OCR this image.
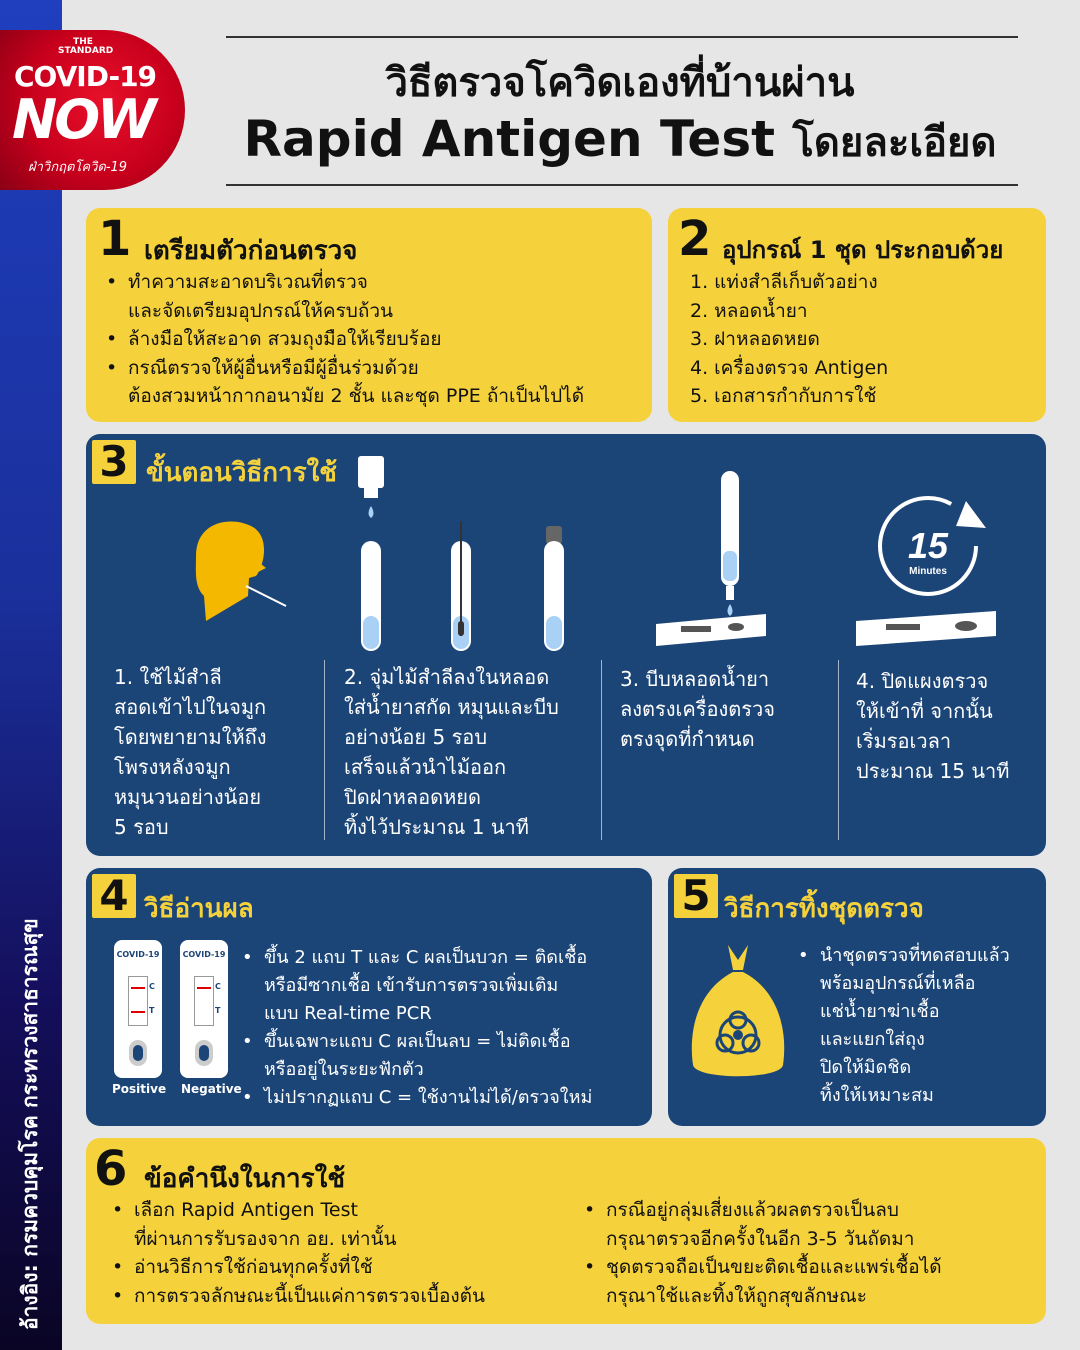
อ้างอิง: กรมควบคุมโรค กระทรวงสาธารณสุข
THE STANDARD
COVID-19
NOW
ฝ่าวิกฤตโควิด-19
วิธีตรวจโควิดเองที่บ้านผ่าน
Rapid Antigen Test โดยละเอียด
1 เตรียมตัวก่อนตรวจ
• ทำความสะอาดบริเวณที่ตรวจ
และจัดเตรียมอุปกรณ์ให้ครบถ้วน
• ล้างมือให้สะอาด สวมถุงมือให้เรียบร้อย
• กรณีตรวจให้ผู้อื่นหรือมีผู้อื่นร่วมด้วย
ต้องสวมหน้ากากอนามัย 2 ชั้น และชุด PPE ถ้าเป็นไปได้
2 อุปกรณ์ 1 ชุด ประกอบด้วย
1. แท่งสำลีเก็บตัวอย่าง
2. หลอดน้ำยา
3. ฝาหลอดหยด
4. เครื่องตรวจ Antigen
5. เอกสารกำกับการใช้
3 ขั้นตอนวิธีการใช้
15
Minutes
1. ใช้ไม้สำลี
สอดเข้าไปในจมูก
โดยพยายามให้ถึง
โพรงหลังจมูก
หมุนวนอย่างน้อย
5 รอบ
2. จุ่มไม้สำลีลงในหลอด
ใส่น้ำยาสกัด หมุนและบีบ
อย่างน้อย 5 รอบ
เสร็จแล้วนำไม้ออก
ปิดฝาหลอดหยด
ทิ้งไว้ประมาณ 1 นาที
3. บีบหลอดน้ำยา
ลงตรงเครื่องตรวจ
ตรงจุดที่กำหนด
4. ปิดแผงตรวจ
ให้เข้าที่ จากนั้น
เริ่มรอเวลา
ประมาณ 15 นาที
4 วิธีอ่านผล
COVID-19
C
T
Positive
COVID-19
C
T
Negative
• ขึ้น 2 แถบ T และ C ผลเป็นบวก = ติดเชื้อ
หรือมีซากเชื้อ เข้ารับการตรวจเพิ่มเติม
แบบ Real-time PCR
• ขึ้นเฉพาะแถบ C ผลเป็นลบ = ไม่ติดเชื้อ
หรืออยู่ในระยะฟักตัว
• ไม่ปรากฏแถบ C = ใช้งานไม่ได้/ตรวจใหม่
5 วิธีการทิ้งชุดตรวจ
• นำชุดตรวจที่ทดสอบแล้ว
พร้อมอุปกรณ์ที่เหลือ
แช่น้ำยาฆ่าเชื้อ
และแยกใส่ถุง
ปิดให้มิดชิด
ทิ้งให้เหมาะสม
6 ข้อคำนึงในการใช้
• เลือก Rapid Antigen Test
ที่ผ่านการรับรองจาก อย. เท่านั้น
• อ่านวิธีการใช้ก่อนทุกครั้งที่ใช้
• การตรวจลักษณะนี้เป็นแค่การตรวจเบื้องต้น
• กรณีอยู่กลุ่มเสี่ยงแล้วผลตรวจเป็นลบ
กรุณาตรวจอีกครั้งในอีก 3-5 วันถัดมา
• ชุดตรวจถือเป็นขยะติดเชื้อและแพร่เชื้อได้
กรุณาใช้และทิ้งให้ถูกสุขลักษณะ
